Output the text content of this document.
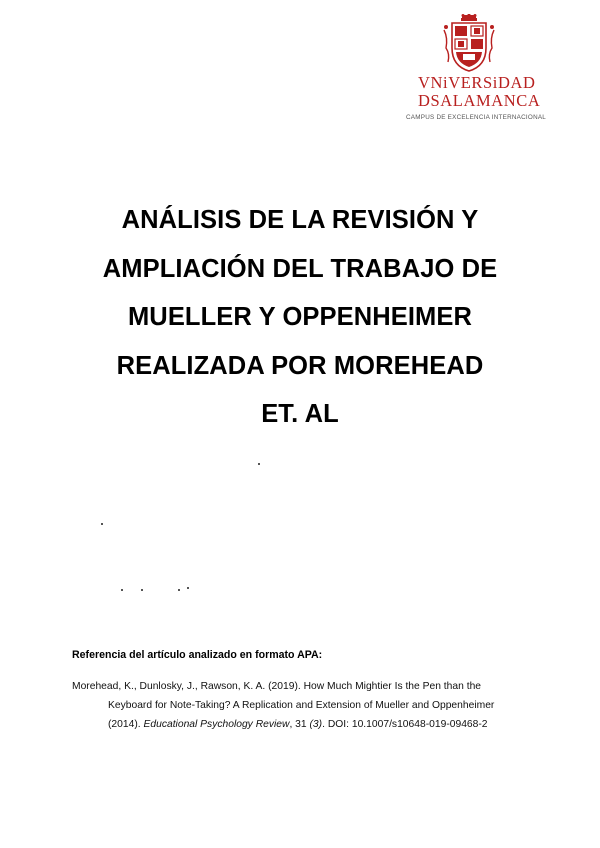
VNiVERSiDAD
DSALAMANCA
CAMPUS DE EXCELENCIA INTERNACIONAL
ANÁLISIS DE LA REVISIÓN Y
AMPLIACIÓN DEL TRABAJO DE
MUELLER Y OPPENHEIMER
REALIZADA POR MOREHEAD
ET. AL
Referencia del artículo analizado en formato APA:
Morehead, K., Dunlosky, J., Rawson, K. A. (2019). How Much Mightier Is the Pen than the
Keyboard for Note-Taking? A Replication and Extension of Mueller and Oppenheimer
(2014). Educational Psychology Review, 31 (3). DOI: 10.1007/s10648-019-09468-2
